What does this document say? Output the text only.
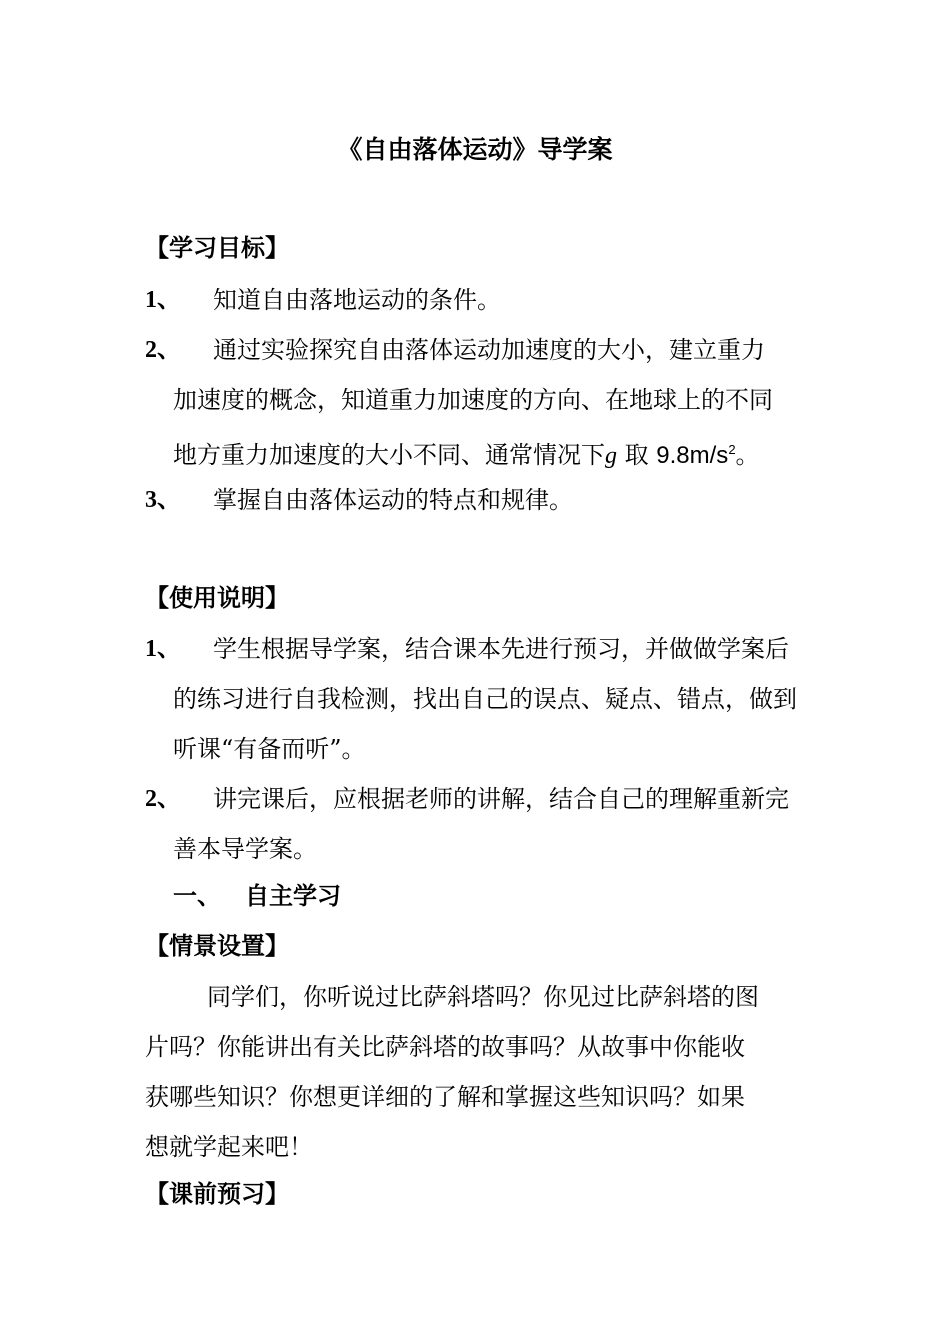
《自由落体运动》导学案
【学习目标】
1、	知道自由落地运动的条件。
2、	通过实验探究自由落体运动加速度的大小，建立重力
加速度的概念，知道重力加速度的方向、在地球上的不同
地方重力加速度的大小不同、通常情况下g 取 $9.8m/s^2$。
3、	掌握自由落体运动的特点和规律。
【使用说明】
1、	学生根据导学案，结合课本先进行预习，并做做学案后
的练习进行自我检测，找出自己的误点、疑点、错点，做到
听课“有备而听”。
2、	讲完课后，应根据老师的讲解，结合自己的理解重新完
善本导学案。
一、 自主学习
【情景设置】
同学们，你听说过比萨斜塔吗？你见过比萨斜塔的图
片吗？你能讲出有关比萨斜塔的故事吗？从故事中你能收
获哪些知识？你想更详细的了解和掌握这些知识吗？如果
想就学起来吧！
【课前预习】
